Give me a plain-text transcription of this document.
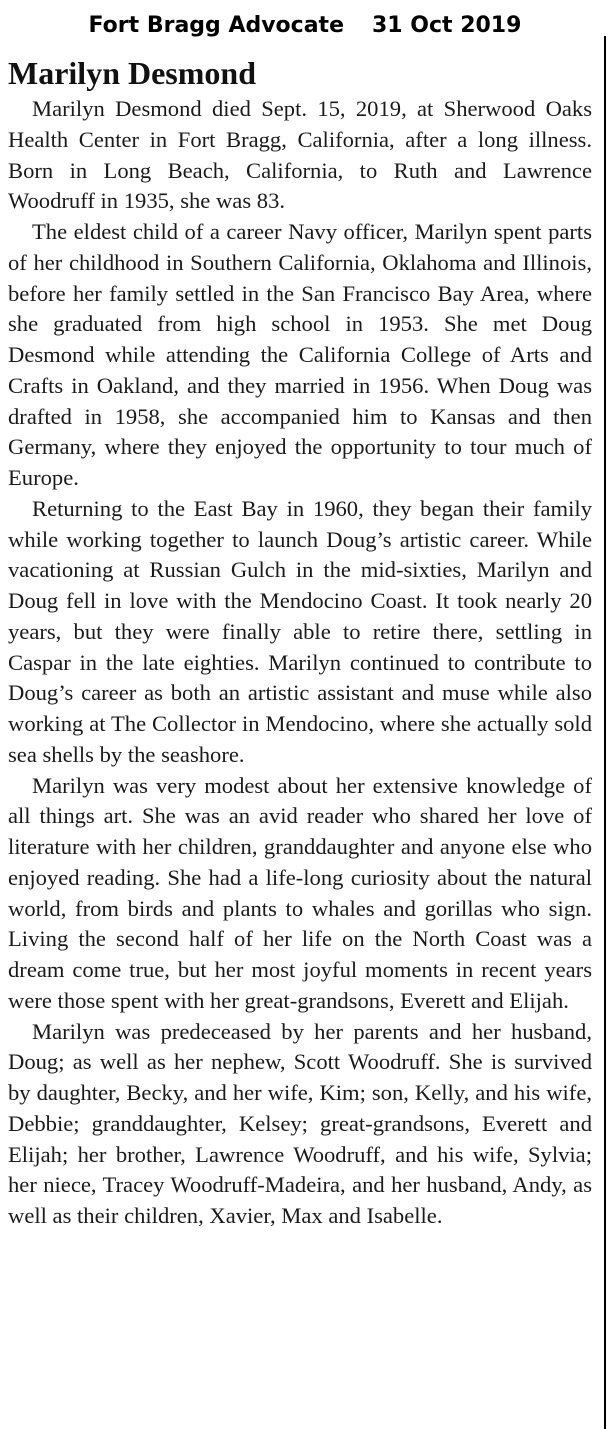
Fort Bragg Advocate 31 Oct 2019
Marilyn Desmond

Marilyn Desmond died Sept. 15, 2019, at Sherwood Oaks Health Center in Fort Bragg, California, after a long illness. Born in Long Beach, California, to Ruth and Lawrence Woodruff in 1935, she was 83.

The eldest child of a career Navy officer, Marilyn spent parts of her childhood in Southern California, Oklahoma and Illinois, before her family settled in the San Francisco Bay Area, where she graduated from high school in 1953. She met Doug Desmond while attending the California College of Arts and Crafts in Oakland, and they married in 1956. When Doug was drafted in 1958, she accompanied him to Kansas and then Germany, where they enjoyed the opportunity to tour much of Europe.

Returning to the East Bay in 1960, they began their family while working together to launch Doug’s artistic career. While vacationing at Russian Gulch in the mid-sixties, Marilyn and Doug fell in love with the Mendocino Coast. It took nearly 20 years, but they were finally able to retire there, settling in Caspar in the late eighties. Marilyn continued to contribute to Doug’s career as both an artistic assistant and muse while also working at The Collector in Mendocino, where she actually sold sea shells by the seashore.

Marilyn was very modest about her extensive knowledge of all things art. She was an avid reader who shared her love of literature with her children, granddaughter and anyone else who enjoyed reading. She had a life-long curiosity about the natural world, from birds and plants to whales and gorillas who sign. Living the second half of her life on the North Coast was a dream come true, but her most joyful moments in recent years were those spent with her great-grandsons, Everett and Elijah.

Marilyn was predeceased by her parents and her husband, Doug; as well as her nephew, Scott Woodruff. She is survived by daughter, Becky, and her wife, Kim; son, Kelly, and his wife, Debbie; granddaughter, Kelsey; great-grandsons, Everett and Elijah; her brother, Lawrence Woodruff, and his wife, Sylvia; her niece, Tracey Woodruff-Madeira, and her husband, Andy, as well as their children, Xavier, Max and Isabelle.
